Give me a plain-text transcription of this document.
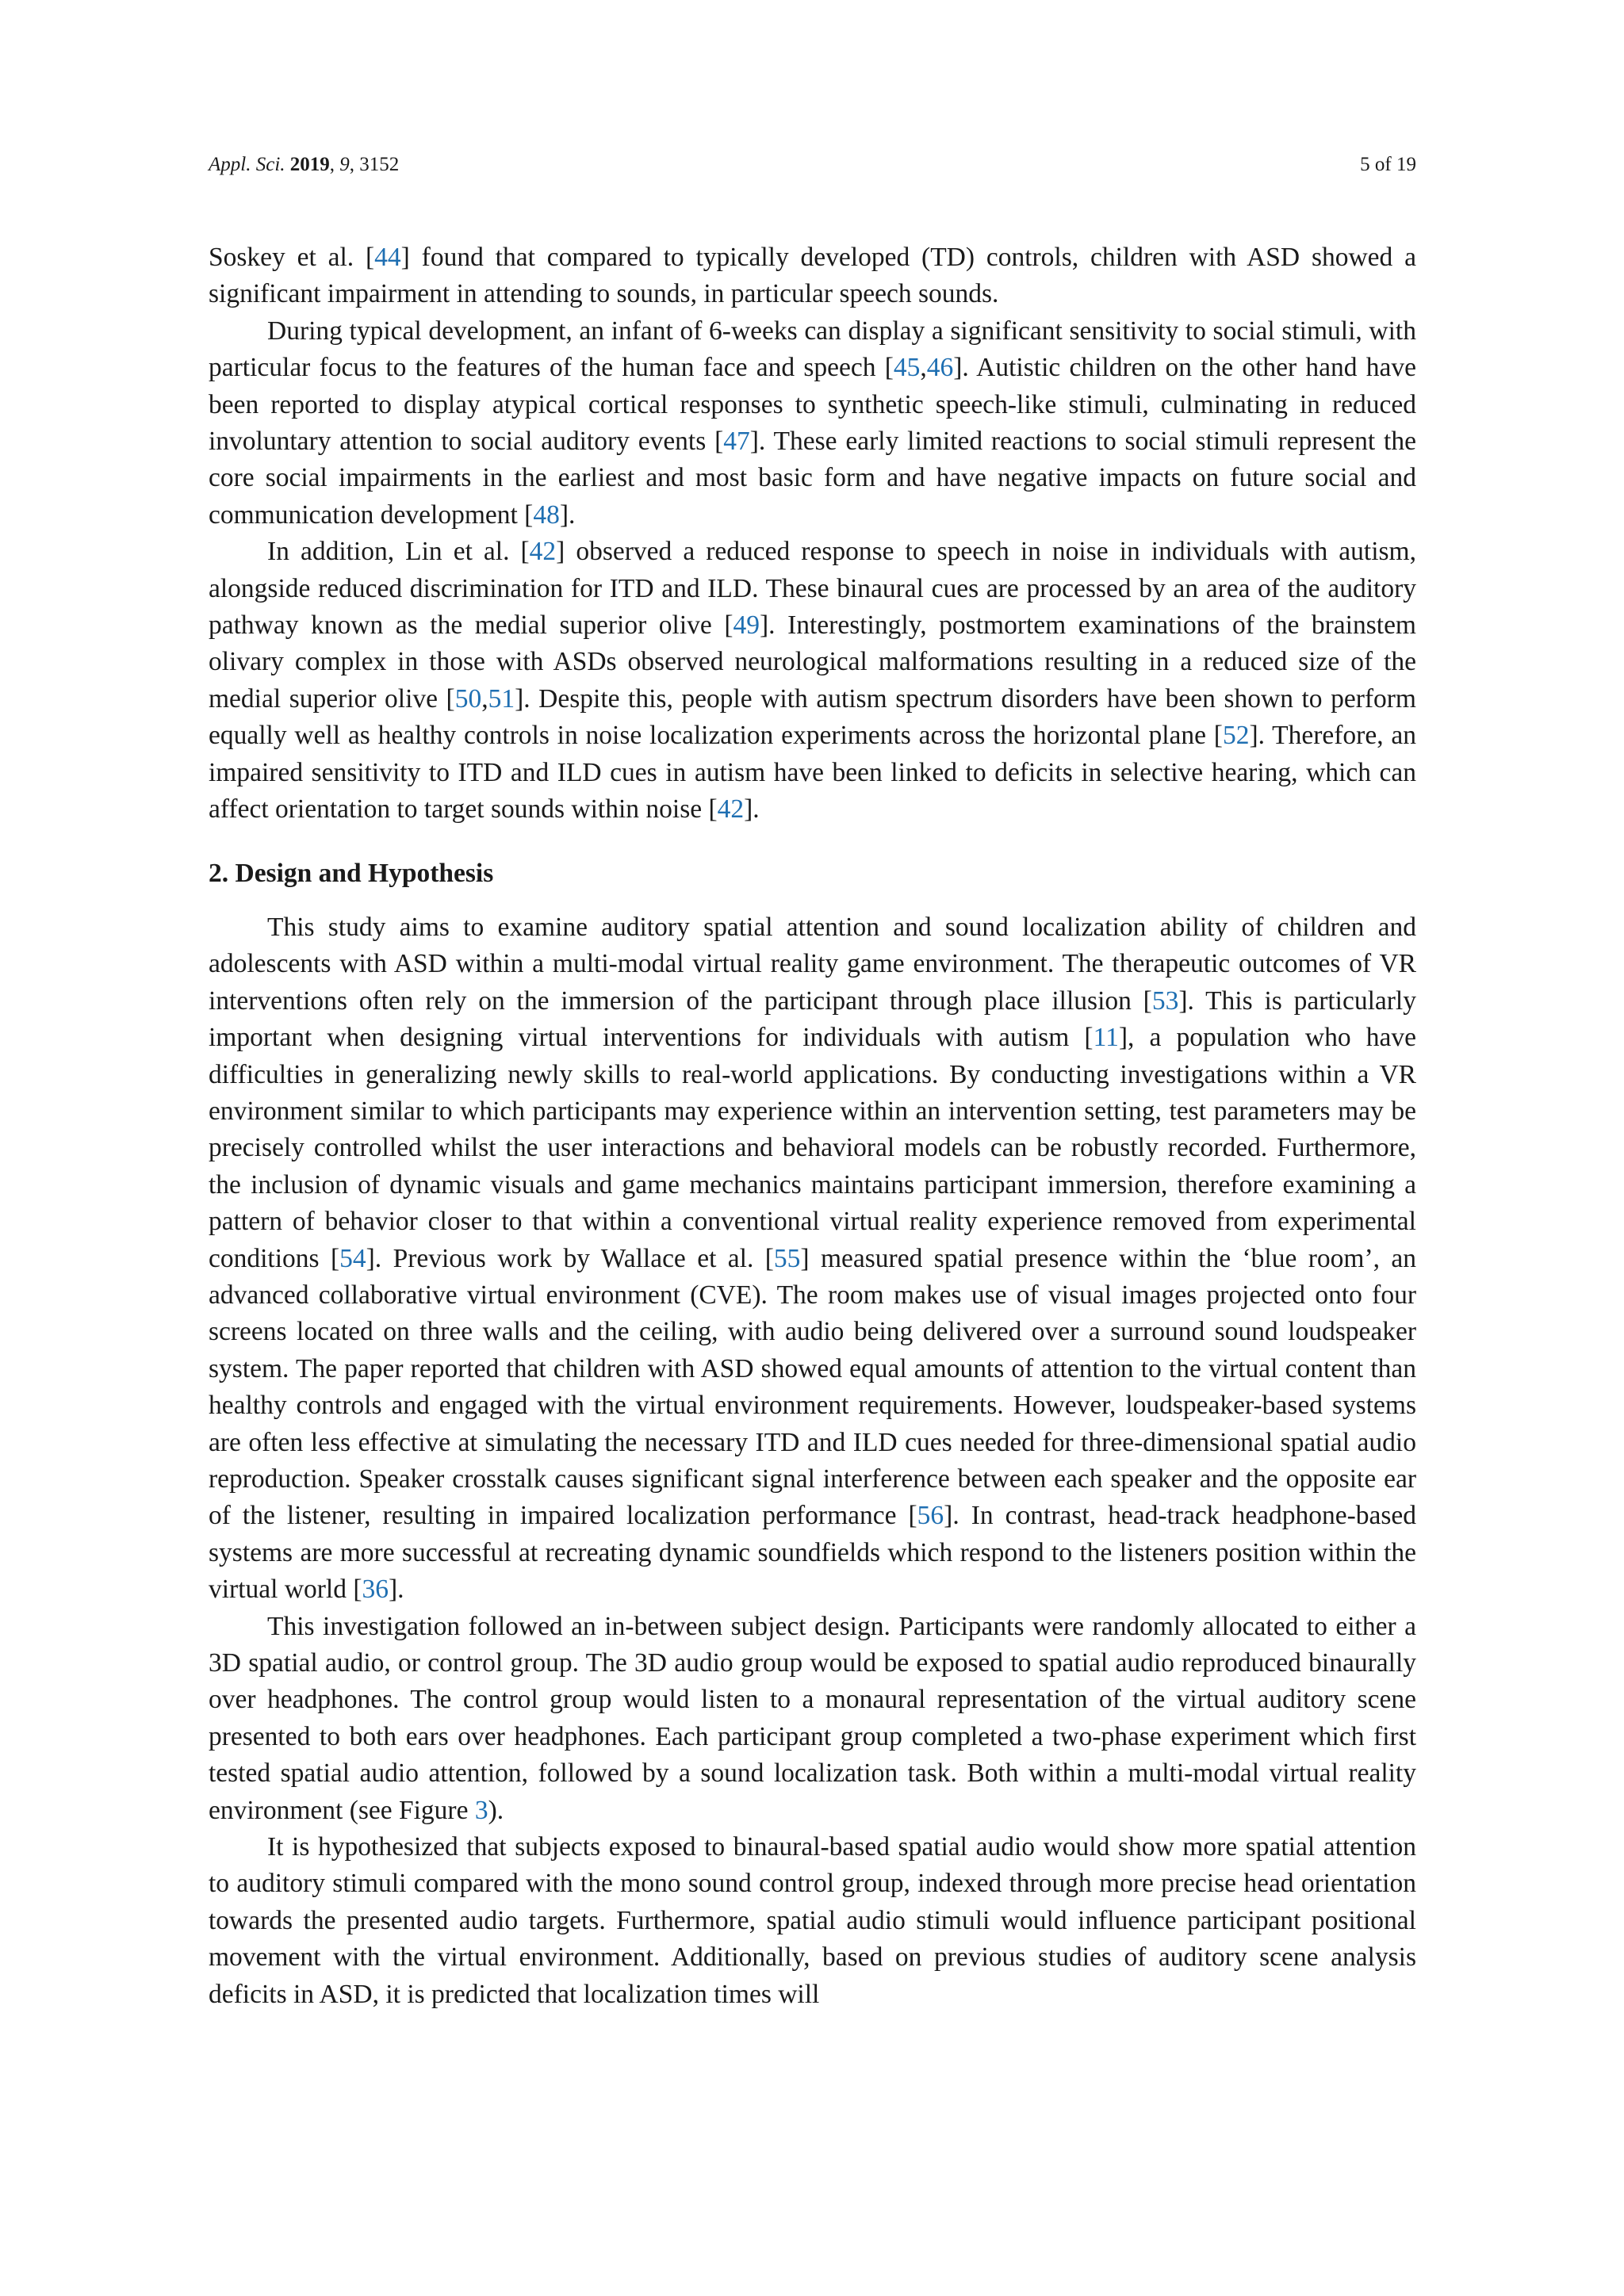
Appl. Sci. 2019, 9, 3152	5 of 19

Soskey et al. [44] found that compared to typically developed (TD) controls, children with ASD showed a significant impairment in attending to sounds, in particular speech sounds.

During typical development, an infant of 6-weeks can display a significant sensitivity to social stimuli, with particular focus to the features of the human face and speech [45,46]. Autistic children on the other hand have been reported to display atypical cortical responses to synthetic speech-like stimuli, culminating in reduced involuntary attention to social auditory events [47]. These early limited reactions to social stimuli represent the core social impairments in the earliest and most basic form and have negative impacts on future social and communication development [48].

In addition, Lin et al. [42] observed a reduced response to speech in noise in individuals with autism, alongside reduced discrimination for ITD and ILD. These binaural cues are processed by an area of the auditory pathway known as the medial superior olive [49]. Interestingly, postmortem examinations of the brainstem olivary complex in those with ASDs observed neurological malformations resulting in a reduced size of the medial superior olive [50,51]. Despite this, people with autism spectrum disorders have been shown to perform equally well as healthy controls in noise localization experiments across the horizontal plane [52]. Therefore, an impaired sensitivity to ITD and ILD cues in autism have been linked to deficits in selective hearing, which can affect orientation to target sounds within noise [42].

2. Design and Hypothesis

This study aims to examine auditory spatial attention and sound localization ability of children and adolescents with ASD within a multi-modal virtual reality game environment. The therapeutic outcomes of VR interventions often rely on the immersion of the participant through place illusion [53]. This is particularly important when designing virtual interventions for individuals with autism [11], a population who have difficulties in generalizing newly skills to real-world applications. By conducting investigations within a VR environment similar to which participants may experience within an intervention setting, test parameters may be precisely controlled whilst the user interactions and behavioral models can be robustly recorded. Furthermore, the inclusion of dynamic visuals and game mechanics maintains participant immersion, therefore examining a pattern of behavior closer to that within a conventional virtual reality experience removed from experimental conditions [54]. Previous work by Wallace et al. [55] measured spatial presence within the ‘blue room’, an advanced collaborative virtual environment (CVE). The room makes use of visual images projected onto four screens located on three walls and the ceiling, with audio being delivered over a surround sound loudspeaker system. The paper reported that children with ASD showed equal amounts of attention to the virtual content than healthy controls and engaged with the virtual environment requirements. However, loudspeaker-based systems are often less effective at simulating the necessary ITD and ILD cues needed for three-dimensional spatial audio reproduction. Speaker crosstalk causes significant signal interference between each speaker and the opposite ear of the listener, resulting in impaired localization performance [56]. In contrast, head-track headphone-based systems are more successful at recreating dynamic soundfields which respond to the listeners position within the virtual world [36].

This investigation followed an in-between subject design. Participants were randomly allocated to either a 3D spatial audio, or control group. The 3D audio group would be exposed to spatial audio reproduced binaurally over headphones. The control group would listen to a monaural representation of the virtual auditory scene presented to both ears over headphones. Each participant group completed a two-phase experiment which first tested spatial audio attention, followed by a sound localization task. Both within a multi-modal virtual reality environment (see Figure 3).

It is hypothesized that subjects exposed to binaural-based spatial audio would show more spatial attention to auditory stimuli compared with the mono sound control group, indexed through more precise head orientation towards the presented audio targets. Furthermore, spatial audio stimuli would influence participant positional movement with the virtual environment. Additionally, based on previous studies of auditory scene analysis deficits in ASD, it is predicted that localization times will
